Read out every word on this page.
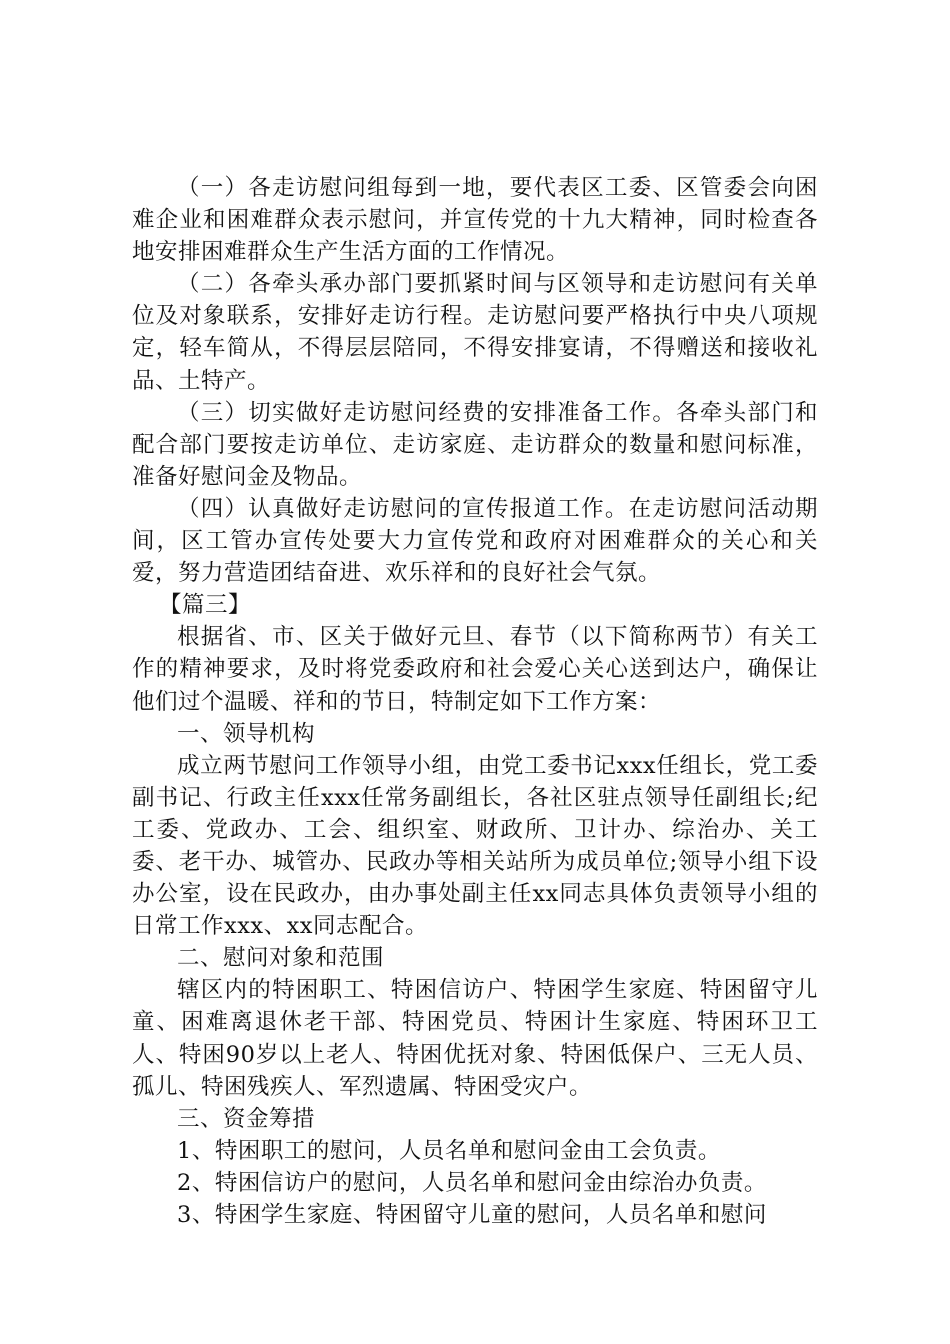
（一）各走访慰问组每到一地，要代表区工委、区管委会向困难企业和困难群众表示慰问，并宣传党的十九大精神，同时检查各地安排困难群众生产生活方面的工作情况。

（二）各牵头承办部门要抓紧时间与区领导和走访慰问有关单位及对象联系，安排好走访行程。走访慰问要严格执行中央八项规定，轻车简从，不得层层陪同，不得安排宴请，不得赠送和接收礼品、土特产。

（三）切实做好走访慰问经费的安排准备工作。各牵头部门和配合部门要按走访单位、走访家庭、走访群众的数量和慰问标准，准备好慰问金及物品。

（四）认真做好走访慰问的宣传报道工作。在走访慰问活动期间，区工管办宣传处要大力宣传党和政府对困难群众的关心和关爱，努力营造团结奋进、欢乐祥和的良好社会气氛。

【篇三】

根据省、市、区关于做好元旦、春节（以下简称两节）有关工作的精神要求，及时将党委政府和社会爱心关心送到达户，确保让他们过个温暖、祥和的节日，特制定如下工作方案：

一、领导机构

成立两节慰问工作领导小组，由党工委书记xxx任组长，党工委副书记、行政主任xxx任常务副组长，各社区驻点领导任副组长;纪工委、党政办、工会、组织室、财政所、卫计办、综治办、关工委、老干办、城管办、民政办等相关站所为成员单位;领导小组下设办公室，设在民政办，由办事处副主任xx同志具体负责领导小组的日常工作xxx、xx同志配合。

二、慰问对象和范围

辖区内的特困职工、特困信访户、特困学生家庭、特困留守儿童、困难离退休老干部、特困党员、特困计生家庭、特困环卫工人、特困90岁以上老人、特困优抚对象、特困低保户、三无人员、孤儿、特困残疾人、军烈遗属、特困受灾户。

三、资金筹措

1、特困职工的慰问，人员名单和慰问金由工会负责。

2、特困信访户的慰问，人员名单和慰问金由综治办负责。

3、特困学生家庭、特困留守儿童的慰问，人员名单和慰问
